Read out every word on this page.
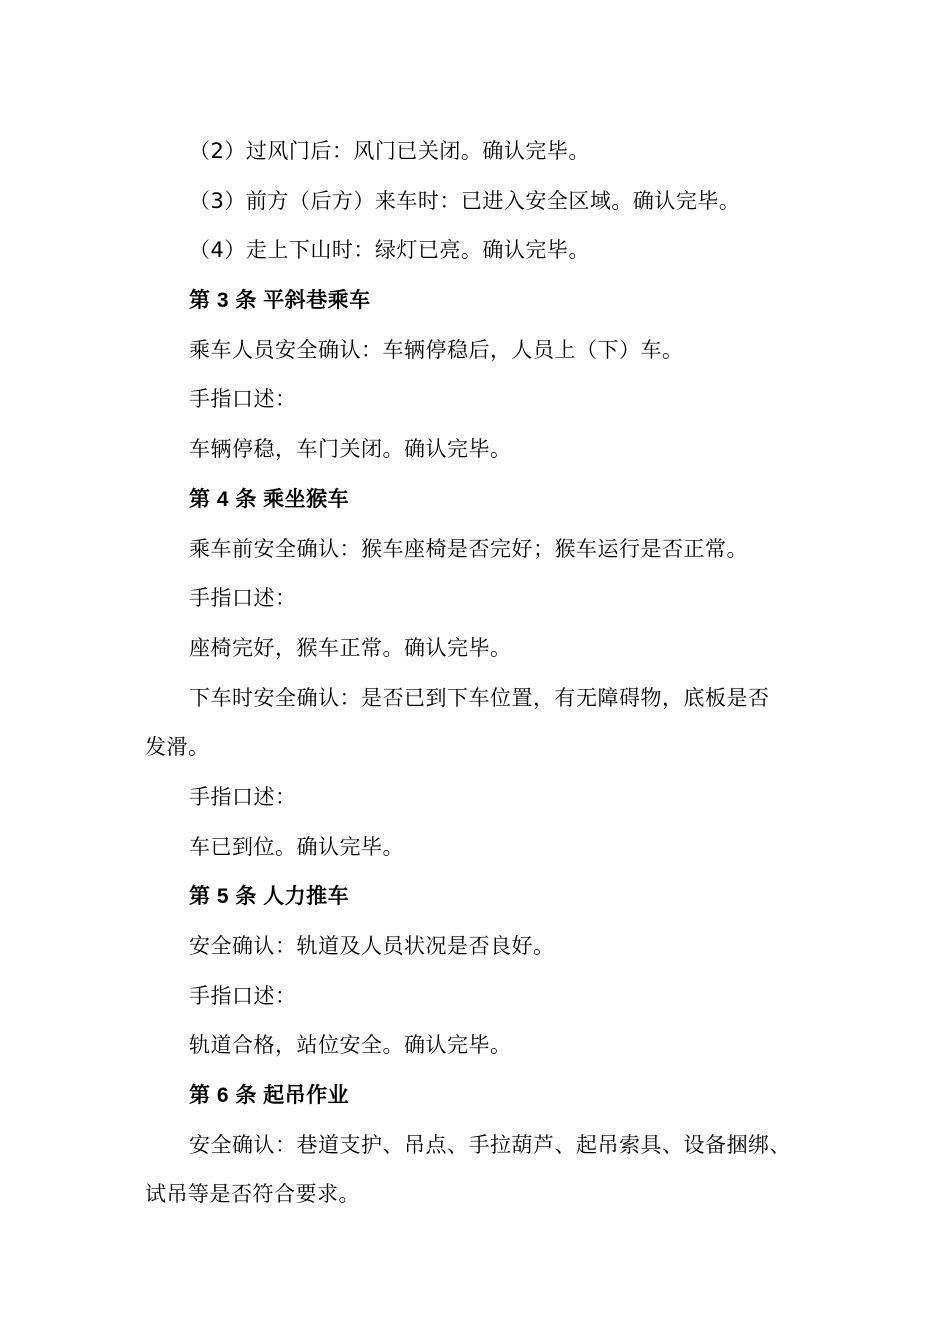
（2）过风门后：风门已关闭。确认完毕。
（3）前方（后方）来车时：已进入安全区域。确认完毕。
（4）走上下山时：绿灯已亮。确认完毕。
第 3 条 平斜巷乘车
乘车人员安全确认：车辆停稳后，人员上（下）车。
手指口述：
车辆停稳，车门关闭。确认完毕。
第 4 条 乘坐猴车
乘车前安全确认：猴车座椅是否完好；猴车运行是否正常。
手指口述：
座椅完好，猴车正常。确认完毕。
下车时安全确认：是否已到下车位置，有无障碍物，底板是否
发滑。
手指口述：
车已到位。确认完毕。
第 5 条 人力推车
安全确认：轨道及人员状况是否良好。
手指口述：
轨道合格，站位安全。确认完毕。
第 6 条 起吊作业
安全确认：巷道支护、吊点、手拉葫芦、起吊索具、设备捆绑、
试吊等是否符合要求。
